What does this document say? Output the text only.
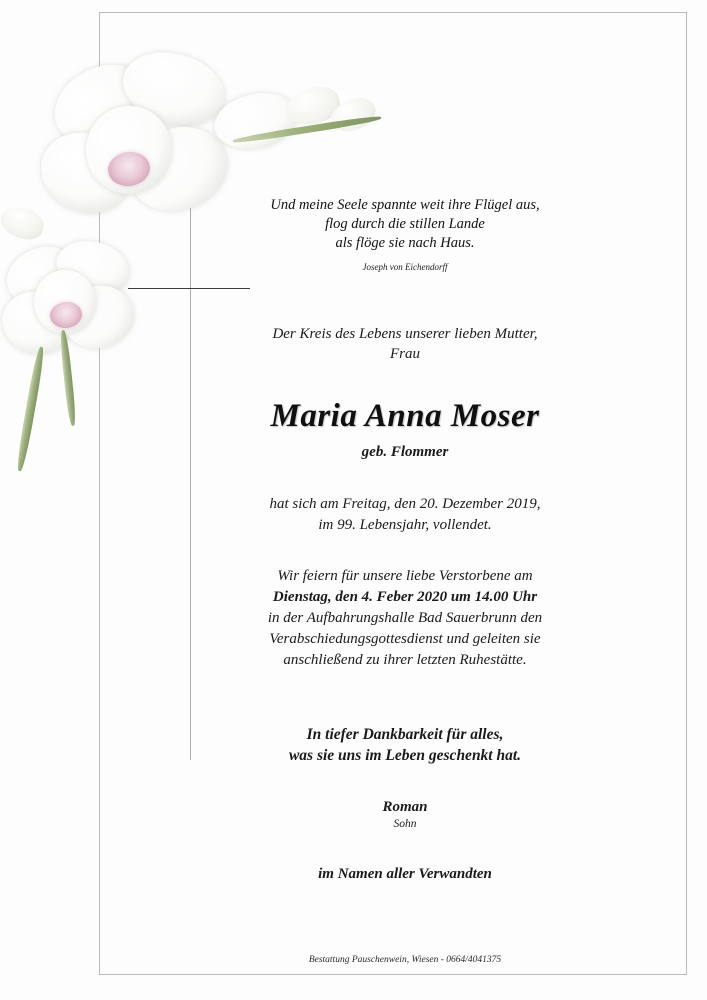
Und meine Seele spannte weit ihre Flügel aus,
flog durch die stillen Lande
als flöge sie nach Haus.
Joseph von Eichendorff
Der Kreis des Lebens unserer lieben Mutter,
Frau
Maria Anna Moser
geb. Flommer
hat sich am Freitag, den 20. Dezember 2019,
im 99. Lebensjahr, vollendet.
Wir feiern für unsere liebe Verstorbene am
Dienstag, den 4. Feber 2020 um 14.00 Uhr
in der Aufbahrungshalle Bad Sauerbrunn den
Verabschiedungsgottesdienst und geleiten sie
anschließend zu ihrer letzten Ruhestätte.
In tiefer Dankbarkeit für alles,
was sie uns im Leben geschenkt hat.
Roman
Sohn
im Namen aller Verwandten
Bestattung Pauschenwein, Wiesen - 0664/4041375
